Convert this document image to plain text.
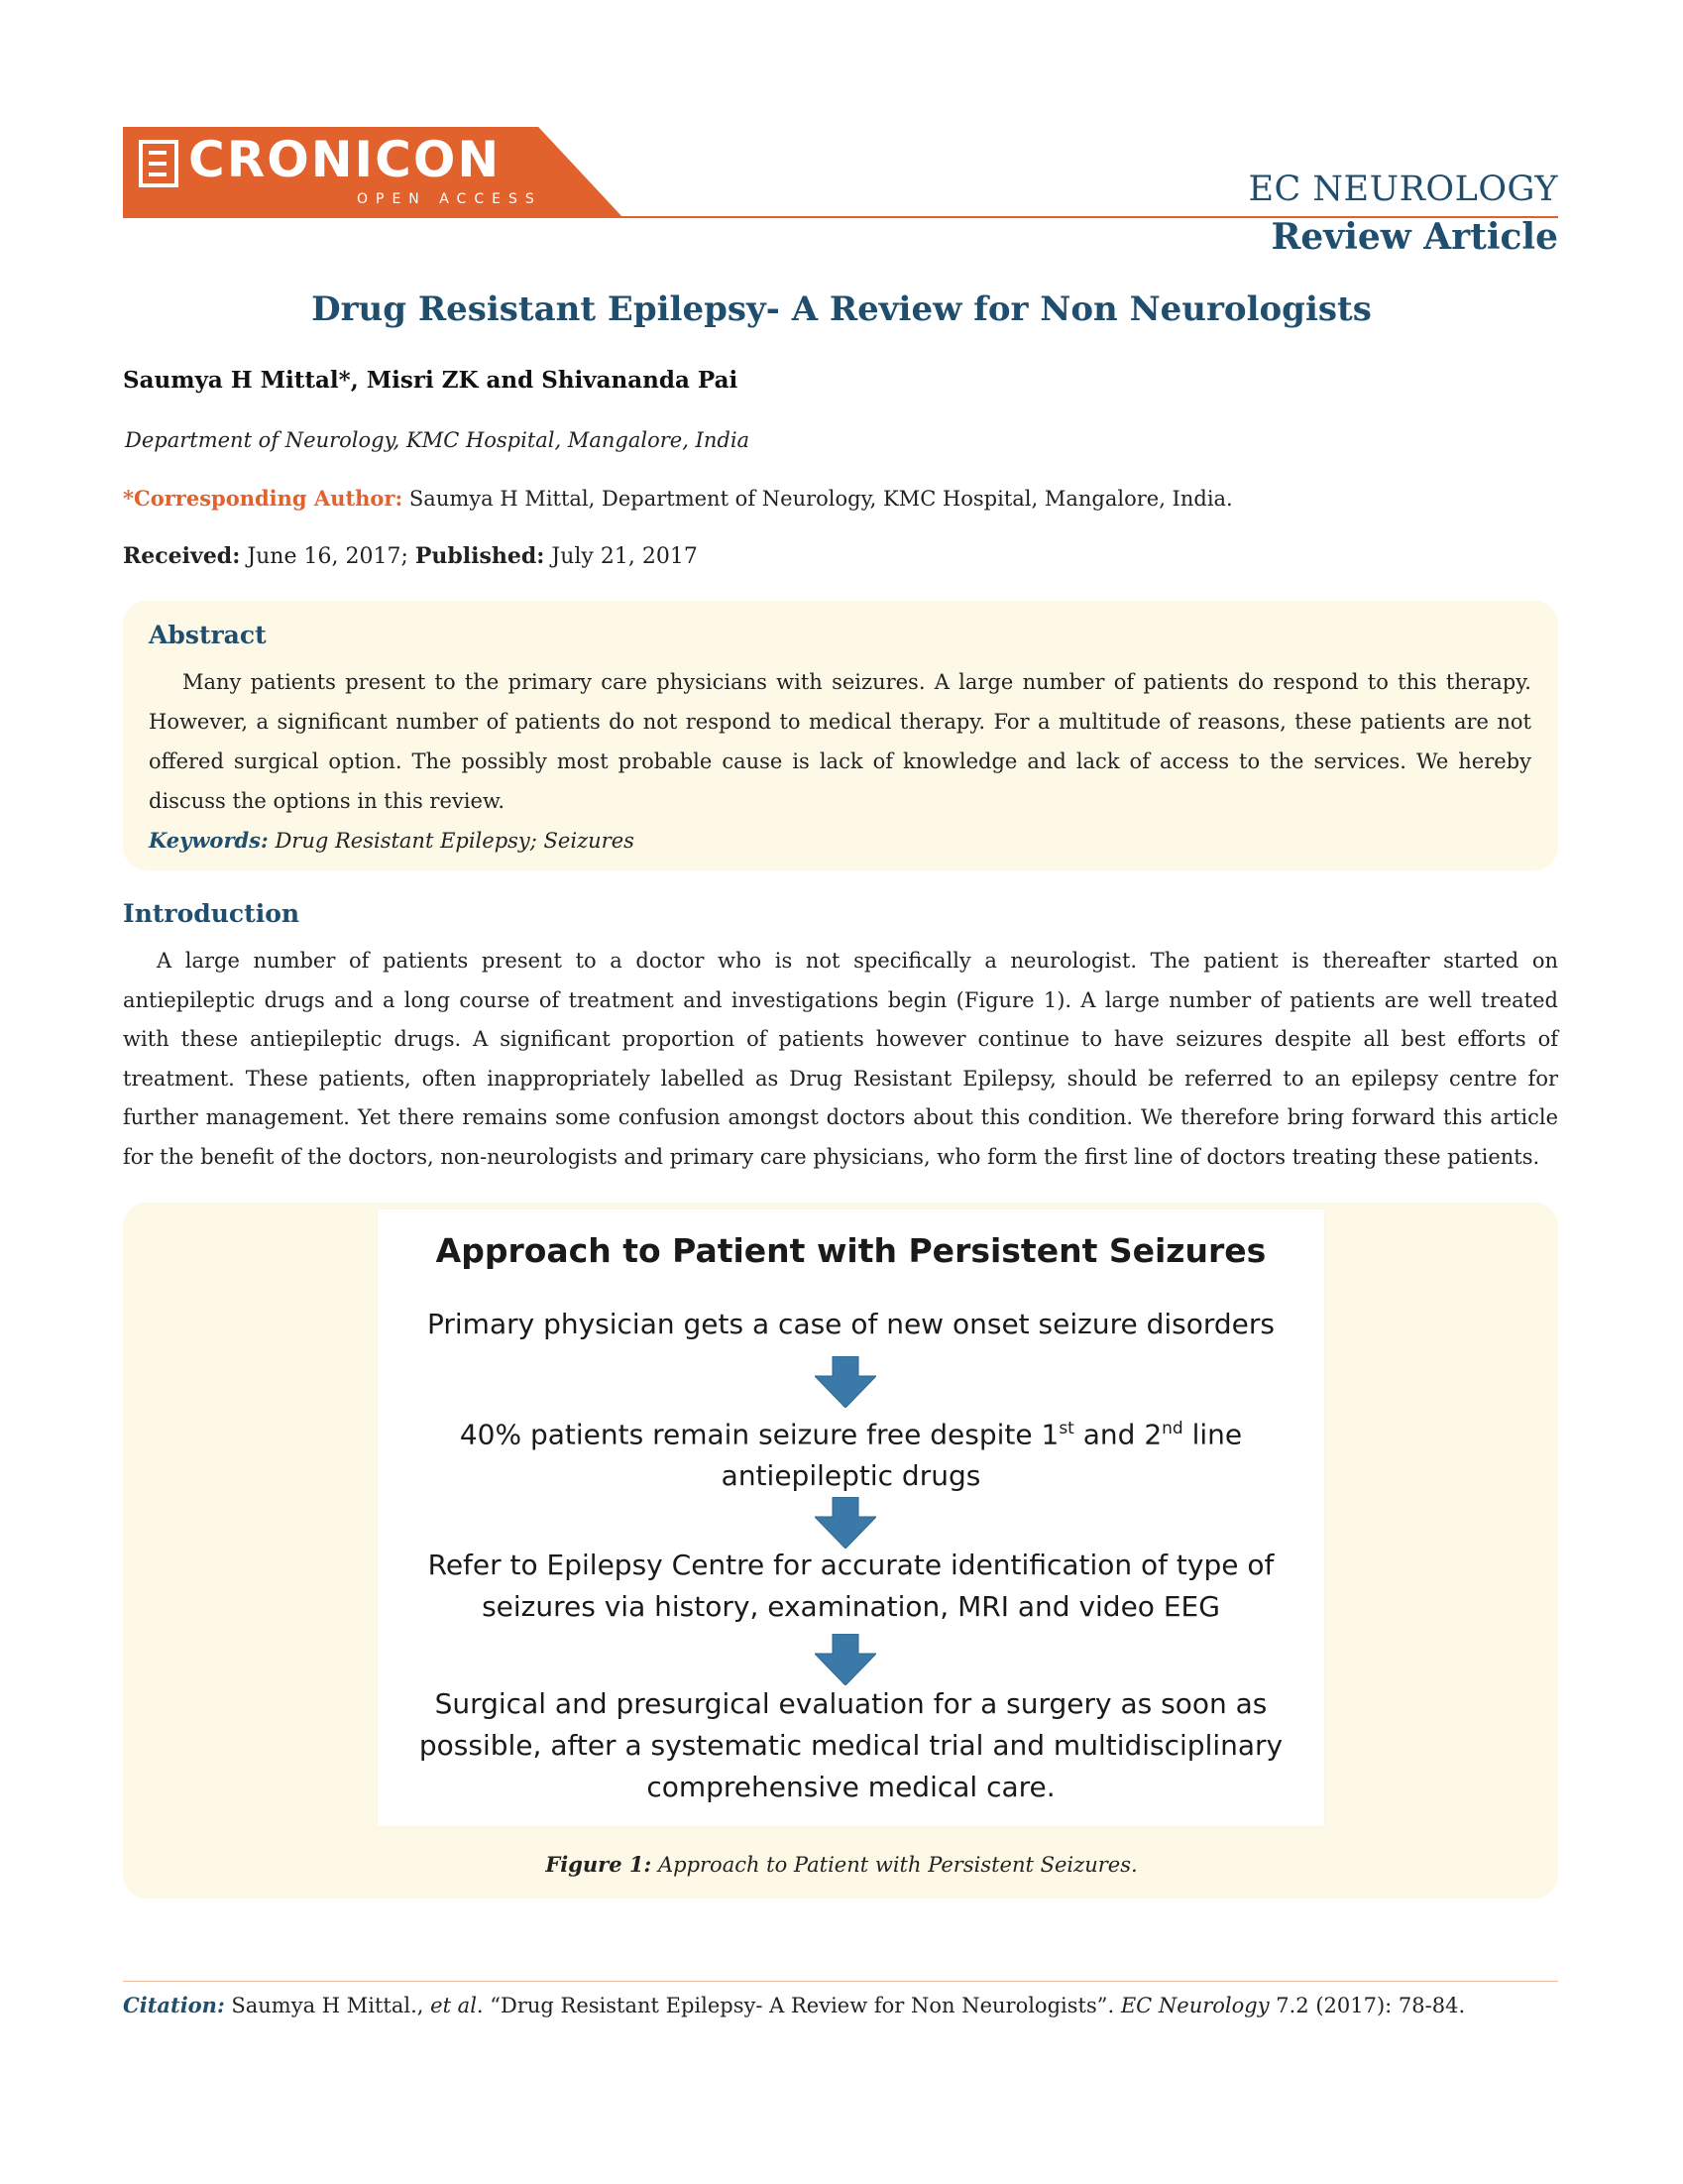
CRONICON
OPEN ACCESS	EC NEUROLOGY
Review Article
Drug Resistant Epilepsy- A Review for Non Neurologists
Saumya H Mittal*, Misri ZK and Shivananda Pai
Department of Neurology, KMC Hospital, Mangalore, India
*Corresponding Author: Saumya H Mittal, Department of Neurology, KMC Hospital, Mangalore, India.
Received: June 16, 2017; Published: July 21, 2017
Abstract
Many patients present to the primary care physicians with seizures. A large number of patients do respond to this therapy. However, a significant number of patients do not respond to medical therapy. For a multitude of reasons, these patients are not offered surgical option. The possibly most probable cause is lack of knowledge and lack of access to the services. We hereby discuss the options in this review.
Keywords: Drug Resistant Epilepsy; Seizures
Introduction
A large number of patients present to a doctor who is not specifically a neurologist. The patient is thereafter started on antiepileptic drugs and a long course of treatment and investigations begin (Figure 1). A large number of patients are well treated with these antiepileptic drugs. A significant proportion of patients however continue to have seizures despite all best efforts of treatment. These patients, often inappropriately labelled as Drug Resistant Epilepsy, should be referred to an epilepsy centre for further management. Yet there remains some confusion amongst doctors about this condition. We therefore bring forward this article for the benefit of the doctors, non-neurologists and primary care physicians, who form the first line of doctors treating these patients.
Approach to Patient with Persistent Seizures
Primary physician gets a case of new onset seizure disorders
40% patients remain seizure free despite 1st and 2nd line
antiepileptic drugs
Refer to Epilepsy Centre for accurate identification of type of
seizures via history, examination, MRI and video EEG
Surgical and presurgical evaluation for a surgery as soon as
possible, after a systematic medical trial and multidisciplinary
comprehensive medical care.
Figure 1: Approach to Patient with Persistent Seizures.
Citation: Saumya H Mittal., et al. “Drug Resistant Epilepsy- A Review for Non Neurologists”. EC Neurology 7.2 (2017): 78-84.
